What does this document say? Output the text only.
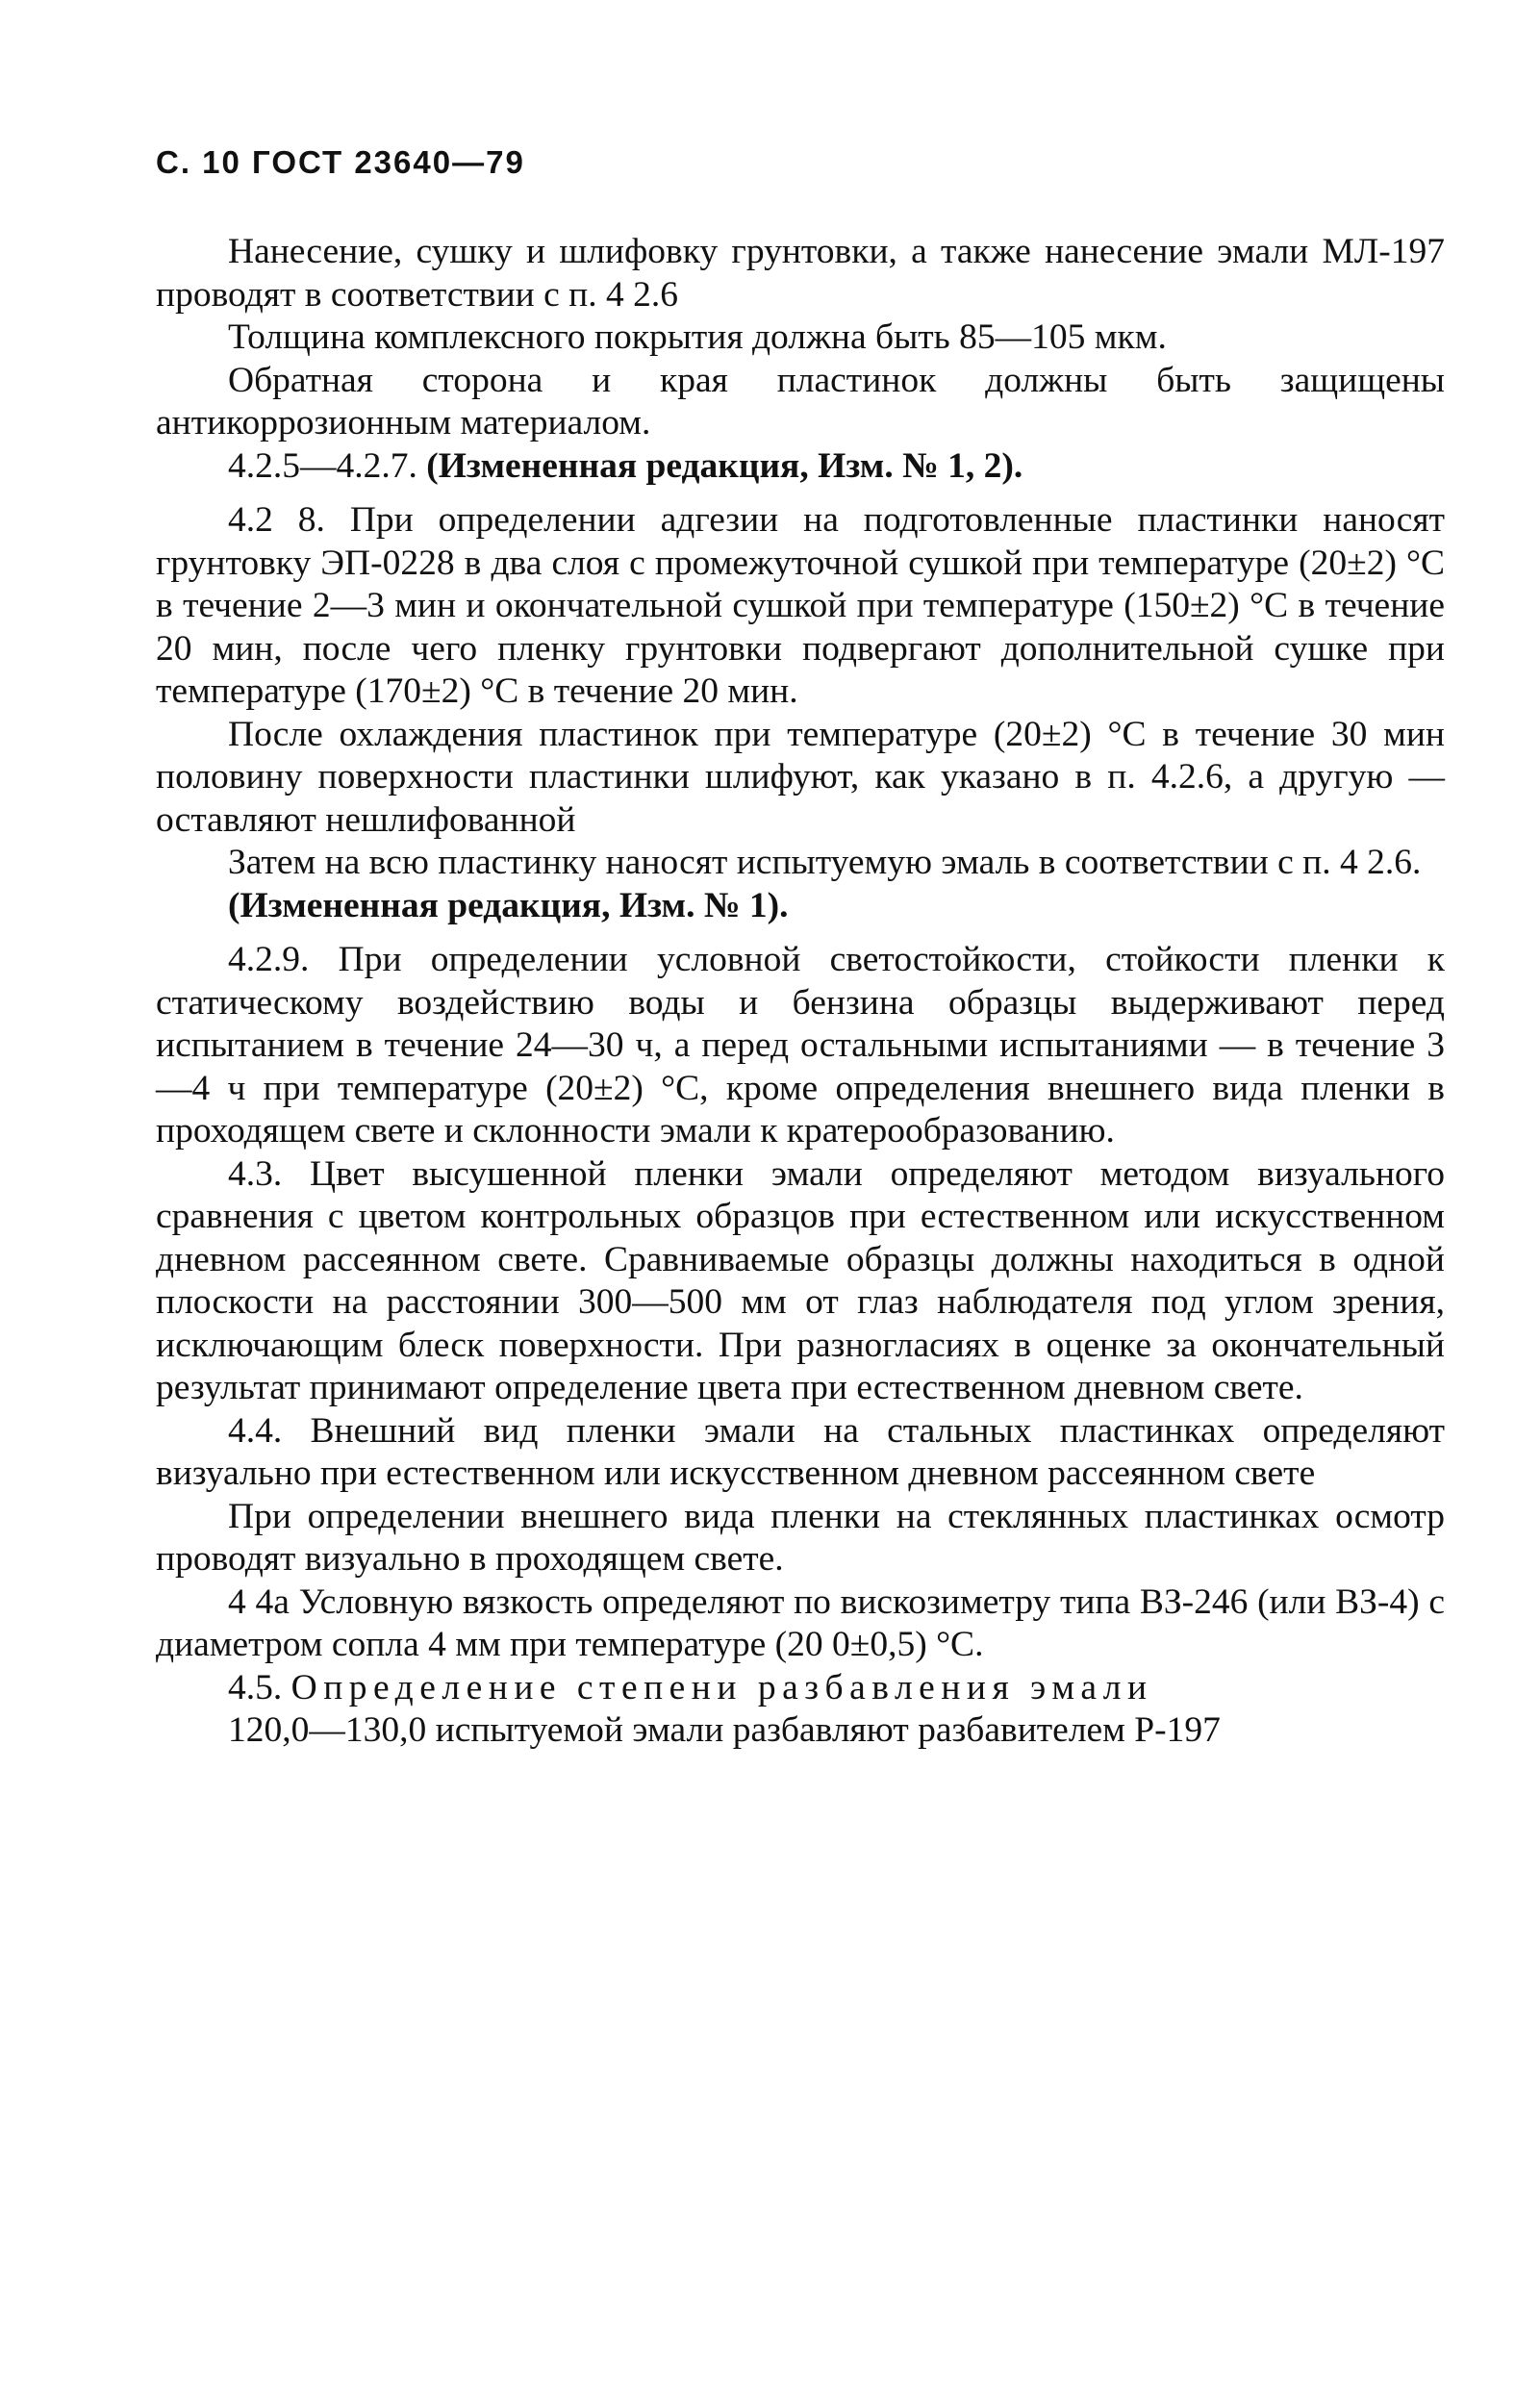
С. 10 ГОСТ 23640—79

Нанесение, сушку и шлифовку грунтовки, а также нанесение эмали МЛ-197 проводят в соответствии с п. 4 2.6

Толщина комплексного покрытия должна быть 85—105 мкм.

Обратная сторона и края пластинок должны быть защищены антикоррозионным материалом.

4.2.5—4.2.7. (Измененная редакция, Изм. № 1, 2).

4.2 8. При определении адгезии на подготовленные пластинки наносят грунтовку ЭП-0228 в два слоя с промежуточной сушкой при температуре (20±2) °С в течение 2—3 мин и окончательной сушкой при температуре (150±2) °С в течение 20 мин, после чего пленку грунтовки подвергают дополнительной сушке при температуре (170±2) °С в течение 20 мин.

После охлаждения пластинок при температуре (20±2) °С в течение 30 мин половину поверхности пластинки шлифуют, как указано в п. 4.2.6, а другую — оставляют нешлифованной

Затем на всю пластинку наносят испытуемую эмаль в соответствии с п. 4 2.6.

(Измененная редакция, Изм. № 1).

4.2.9. При определении условной светостойкости, стойкости пленки к статическому воздействию воды и бензина образцы выдерживают перед испытанием в течение 24—30 ч, а перед остальными испытаниями — в течение 3—4 ч при температуре (20±2) °С, кроме определения внешнего вида пленки в проходящем свете и склонности эмали к кратерообразованию.

4.3. Цвет высушенной пленки эмали определяют методом визуального сравнения с цветом контрольных образцов при естественном или искусственном дневном рассеянном свете. Сравниваемые образцы должны находиться в одной плоскости на расстоянии 300—500 мм от глаз наблюдателя под углом зрения, исключающим блеск поверхности. При разногласиях в оценке за окончательный результат принимают определение цвета при естественном дневном свете.

4.4. Внешний вид пленки эмали на стальных пластинках определяют визуально при естественном или искусственном дневном рассеянном свете

При определении внешнего вида пленки на стеклянных пластинках осмотр проводят визуально в проходящем свете.

4 4а Условную вязкость определяют по вискозиметру типа ВЗ-246 (или ВЗ-4) с диаметром сопла 4 мм при температуре (20 0±0,5) °С.

4.5. Определение степени разбавления эмали

120,0—130,0 испытуемой эмали разбавляют разбавителем Р-197
